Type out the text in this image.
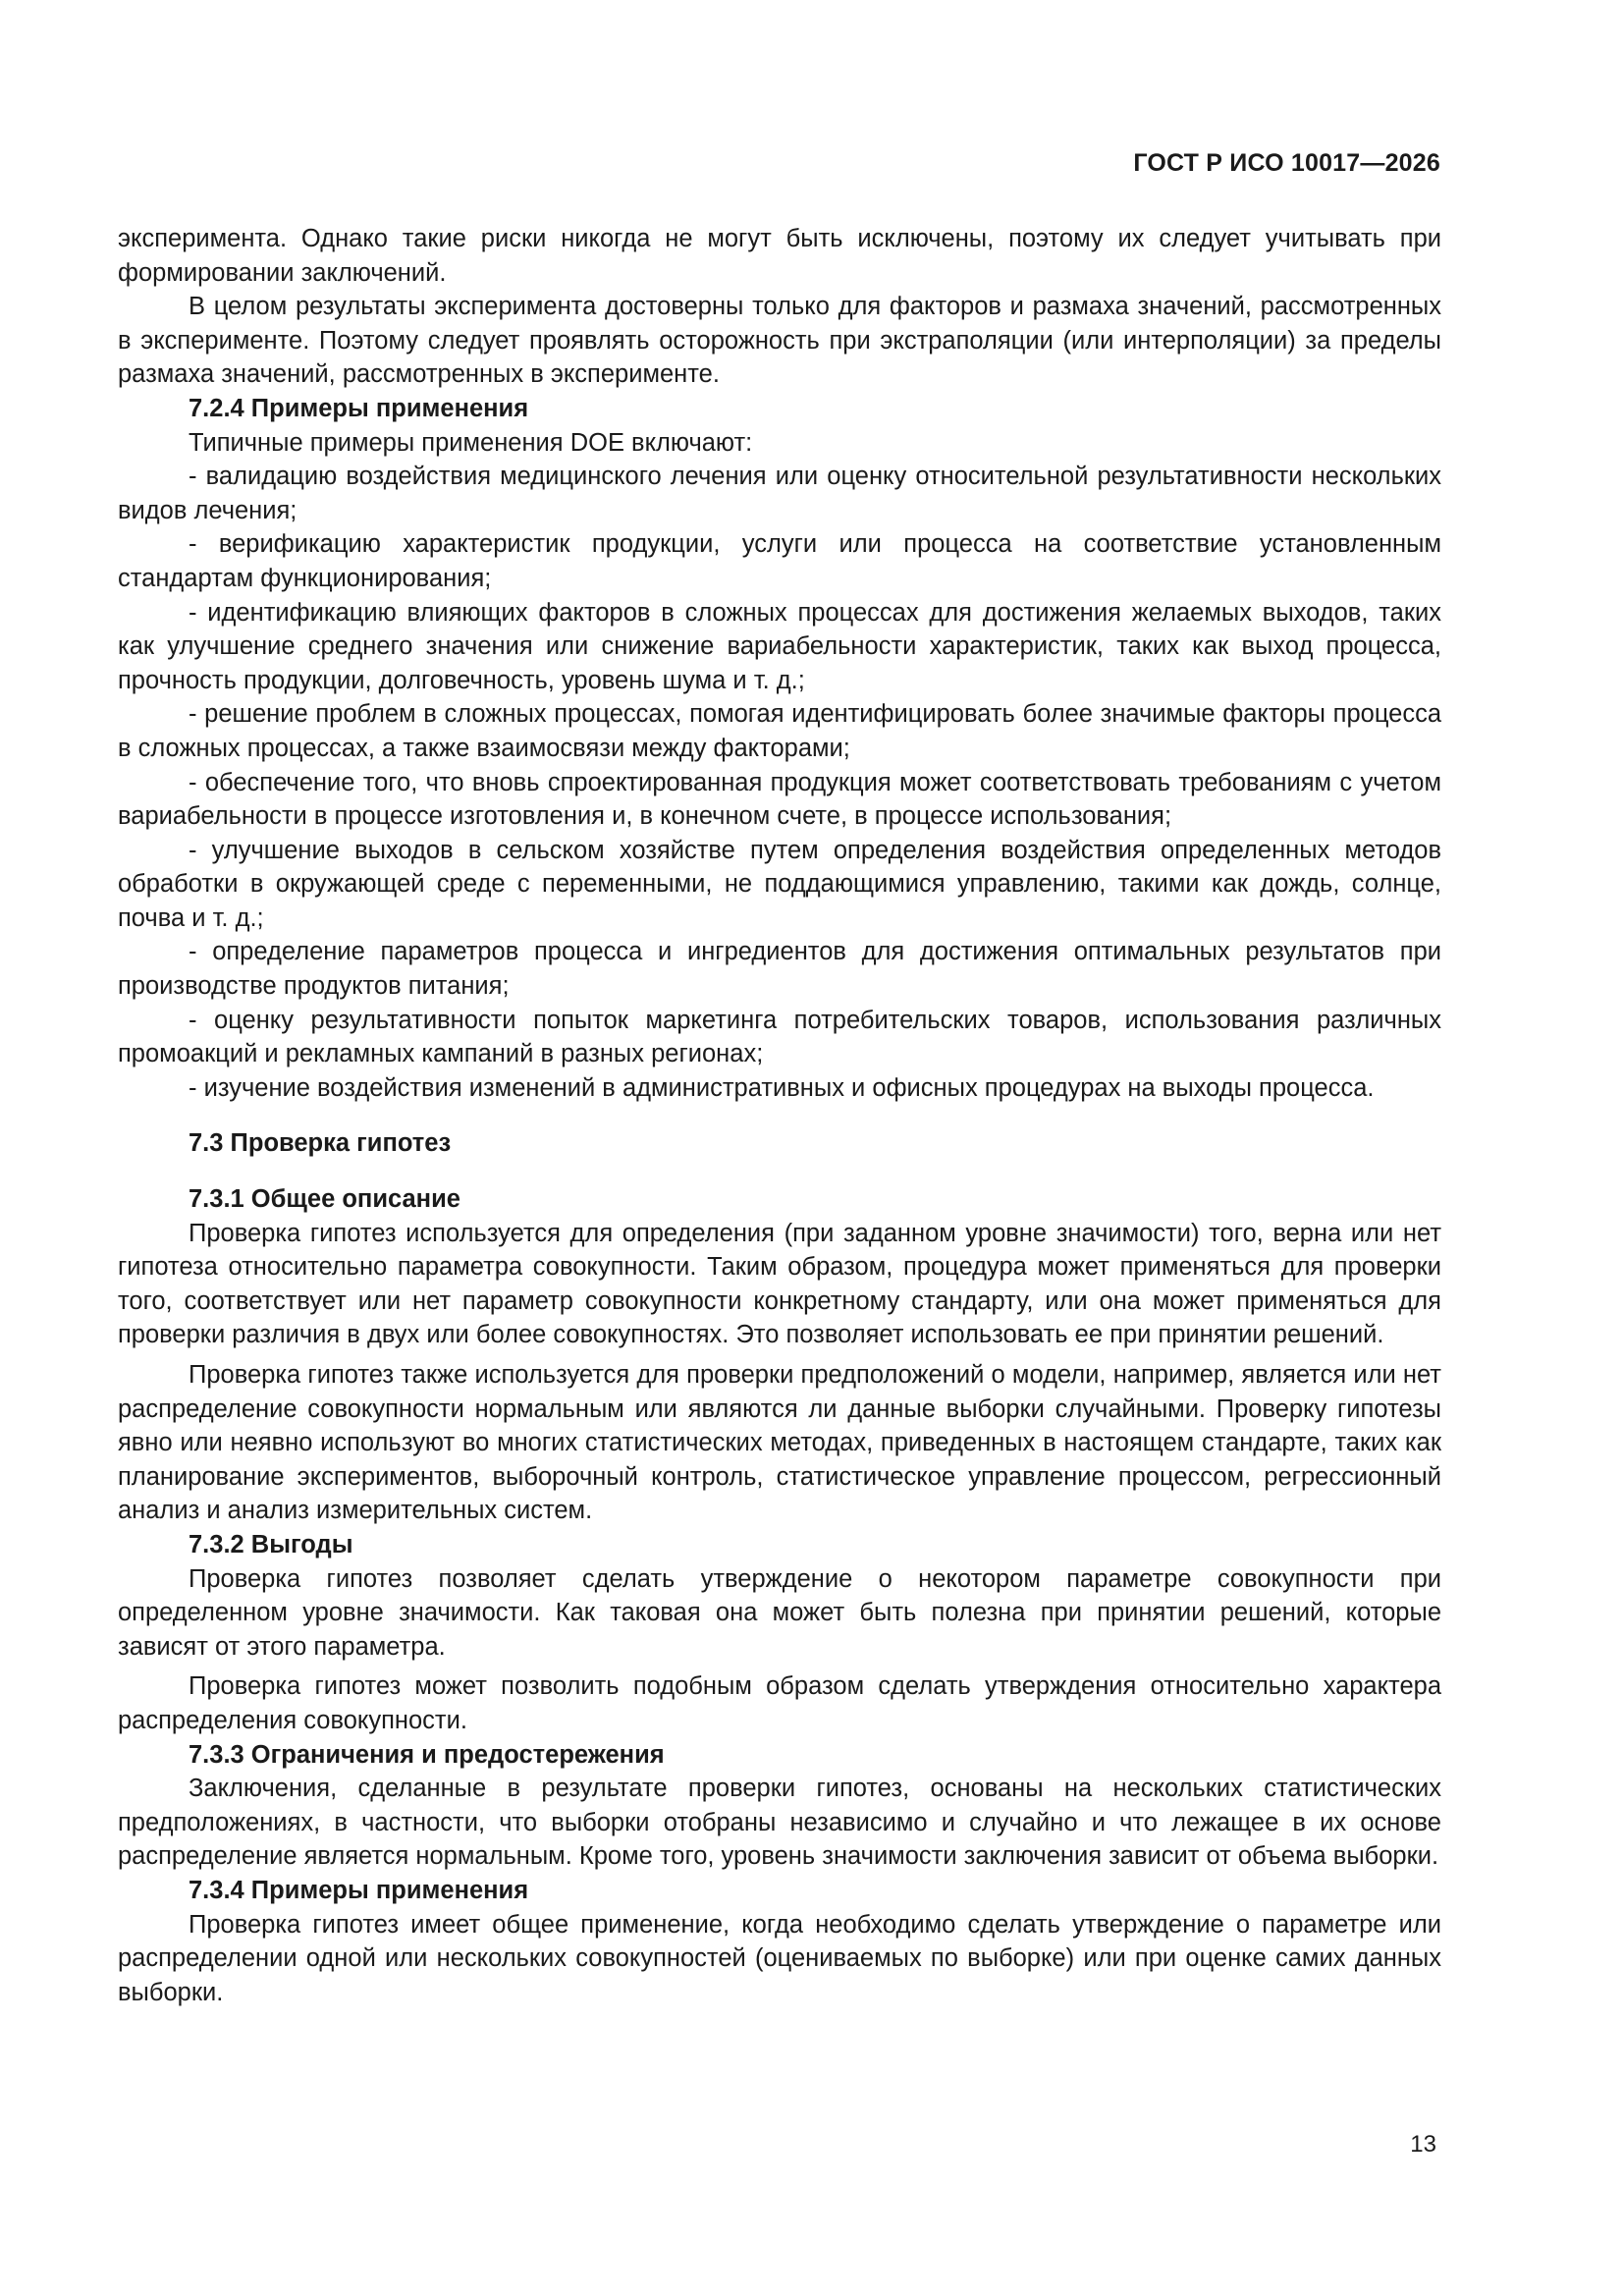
ГОСТ Р ИСО 10017—2026

эксперимента. Однако такие риски никогда не могут быть исключены, поэтому их следует учитывать при формировании заключений.

В целом результаты эксперимента достоверны только для факторов и размаха значений, рассмотренных в эксперименте. Поэтому следует проявлять осторожность при экстраполяции (или интерполяции) за пределы размаха значений, рассмотренных в эксперименте.

7.2.4 Примеры применения

Типичные примеры применения DOE включают:

- валидацию воздействия медицинского лечения или оценку относительной результативности нескольких видов лечения;

- верификацию характеристик продукции, услуги или процесса на соответствие установленным стандартам функционирования;

- идентификацию влияющих факторов в сложных процессах для достижения желаемых выходов, таких как улучшение среднего значения или снижение вариабельности характеристик, таких как выход процесса, прочность продукции, долговечность, уровень шума и т. д.;

- решение проблем в сложных процессах, помогая идентифицировать более значимые факторы процесса в сложных процессах, а также взаимосвязи между факторами;

- обеспечение того, что вновь спроектированная продукция может соответствовать требованиям с учетом вариабельности в процессе изготовления и, в конечном счете, в процессе использования;

- улучшение выходов в сельском хозяйстве путем определения воздействия определенных методов обработки в окружающей среде с переменными, не поддающимися управлению, такими как дождь, солнце, почва и т. д.;

- определение параметров процесса и ингредиентов для достижения оптимальных результатов при производстве продуктов питания;

- оценку результативности попыток маркетинга потребительских товаров, использования различных промоакций и рекламных кампаний в разных регионах;

- изучение воздействия изменений в административных и офисных процедурах на выходы процесса.

7.3 Проверка гипотез

7.3.1 Общее описание

Проверка гипотез используется для определения (при заданном уровне значимости) того, верна или нет гипотеза относительно параметра совокупности. Таким образом, процедура может применяться для проверки того, соответствует или нет параметр совокупности конкретному стандарту, или она может применяться для проверки различия в двух или более совокупностях. Это позволяет использовать ее при принятии решений.

Проверка гипотез также используется для проверки предположений о модели, например, является или нет распределение совокупности нормальным или являются ли данные выборки случайными. Проверку гипотезы явно или неявно используют во многих статистических методах, приведенных в настоящем стандарте, таких как планирование экспериментов, выборочный контроль, статистическое управление процессом, регрессионный анализ и анализ измерительных систем.

7.3.2 Выгоды

Проверка гипотез позволяет сделать утверждение о некотором параметре совокупности при определенном уровне значимости. Как таковая она может быть полезна при принятии решений, которые зависят от этого параметра.

Проверка гипотез может позволить подобным образом сделать утверждения относительно характера распределения совокупности.

7.3.3 Ограничения и предостережения

Заключения, сделанные в результате проверки гипотез, основаны на нескольких статистических предположениях, в частности, что выборки отобраны независимо и случайно и что лежащее в их основе распределение является нормальным. Кроме того, уровень значимости заключения зависит от объема выборки.

7.3.4 Примеры применения

Проверка гипотез имеет общее применение, когда необходимо сделать утверждение о параметре или распределении одной или нескольких совокупностей (оцениваемых по выборке) или при оценке самих данных выборки.

13
